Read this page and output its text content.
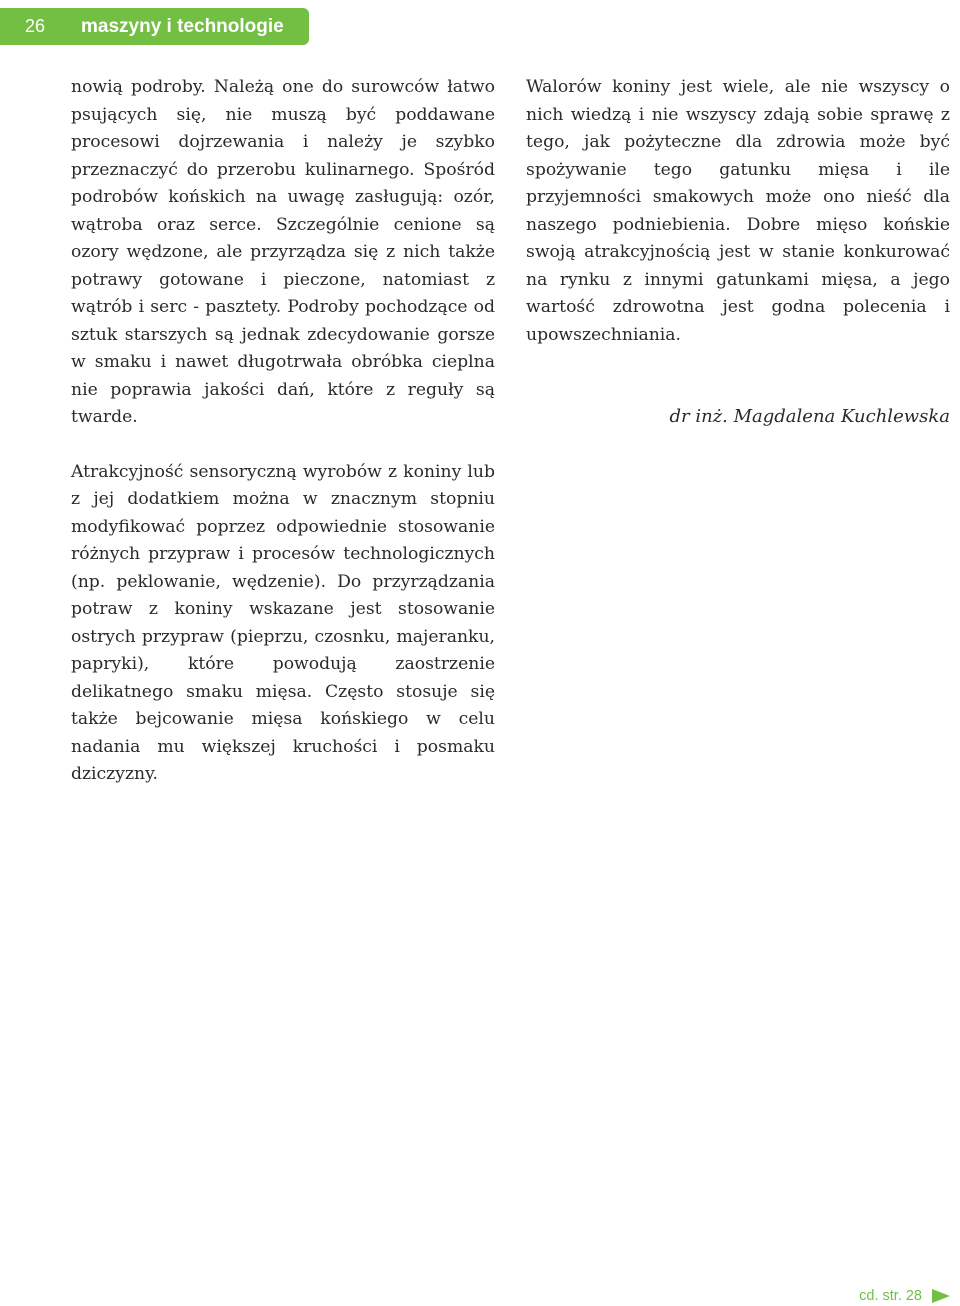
26	maszyny i technologie

nowią podroby. Należą one do surowców łatwo psujących się, nie muszą być poddawane procesowi dojrzewania i należy je szybko przeznaczyć do przerobu kulinarnego. Spośród podrobów końskich na uwagę zasługują: ozór, wątroba oraz serce. Szczególnie cenione są ozory wędzone, ale przyrządza się z nich także potrawy gotowane i pieczone, natomiast z wątrób i serc - pasztety. Podroby pochodzące od sztuk starszych są jednak zdecydowanie gorsze w smaku i nawet długotrwała obróbka cieplna nie poprawia jakości dań, które z reguły są twarde.

Atrakcyjność sensoryczną wyrobów z koniny lub z jej dodatkiem można w znacznym stopniu modyfikować poprzez odpowiednie stosowanie różnych przypraw i procesów technologicznych (np. peklowanie, wędzenie). Do przyrządzania potraw z koniny wskazane jest stosowanie ostrych przypraw (pieprzu, czosnku, majeranku, papryki), które powodują zaostrzenie delikatnego smaku mięsa. Często stosuje się także bejcowanie mięsa końskiego w celu nadania mu większej kruchości i posmaku dziczyzny.

Walorów koniny jest wiele, ale nie wszyscy o nich wiedzą i nie wszyscy zdają sobie sprawę z tego, jak pożyteczne dla zdrowia może być spożywanie tego gatunku mięsa i ile przyjemności smakowych może ono nieść dla naszego podniebienia. Dobre mięso końskie swoją atrakcyjnością jest w stanie konkurować na rynku z innymi gatunkami mięsa, a jego wartość zdrowotna jest godna polecenia i upowszechniania.

dr inż. Magdalena Kuchlewska
cd. str. 28
